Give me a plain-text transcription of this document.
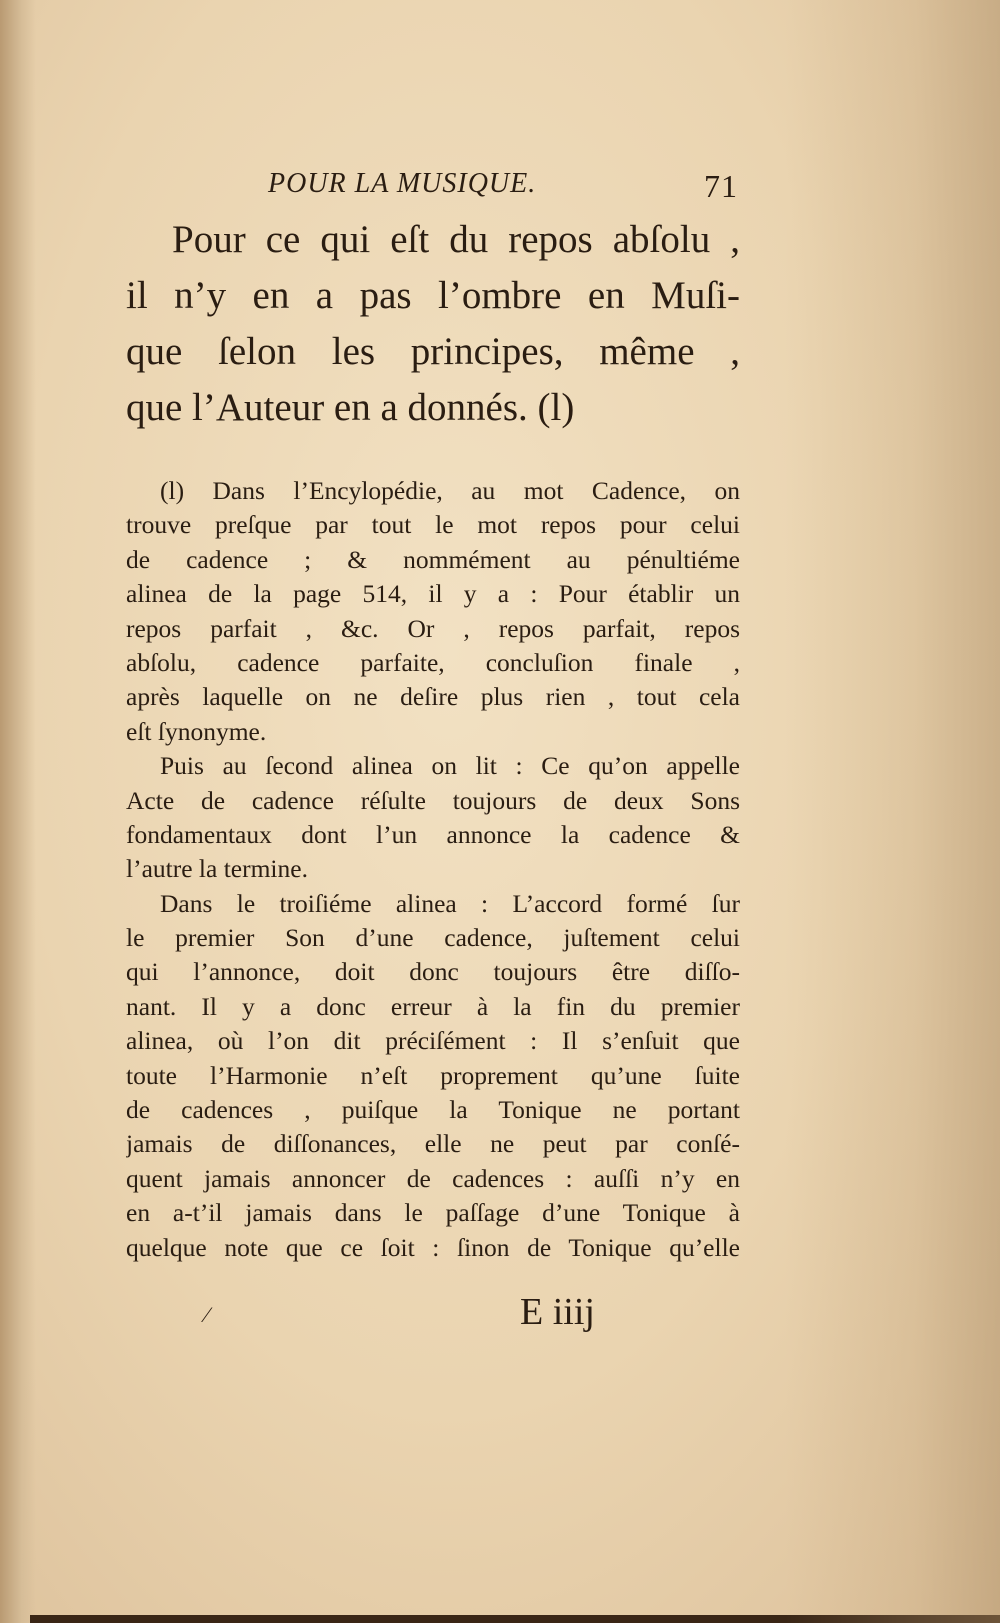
POUR LA MUSIQUE.	71
Pour ce qui eſt du repos abſolu ,
il n’y en a pas l’ombre en Muſi-
que ſelon les principes, même ,
que l’Auteur en a donnés. (l)
(l) Dans l’Encylopédie, au mot Cadence, on
trouve preſque par tout le mot repos pour celui
de cadence ; & nommément au pénultiéme
alinea de la page 514, il y a : Pour établir un
repos parfait , &c. Or , repos parfait, repos
abſolu, cadence parfaite, concluſion finale ,
après laquelle on ne deſire plus rien , tout cela
eſt ſynonyme.
Puis au ſecond alinea on lit : Ce qu’on appelle
Acte de cadence réſulte toujours de deux Sons
fondamentaux dont l’un annonce la cadence &
l’autre la termine.
Dans le troiſiéme alinea : L’accord formé ſur
le premier Son d’une cadence, juſtement celui
qui l’annonce, doit donc toujours être diſſo-
nant. Il y a donc erreur à la fin du premier
alinea, où l’on dit préciſément : Il s’enſuit que
toute l’Harmonie n’eſt proprement qu’une ſuite
de cadences , puiſque la Tonique ne portant
jamais de diſſonances, elle ne peut par conſé-
quent jamais annoncer de cadences : auſſi n’y en
en a-t’il jamais dans le paſſage d’une Tonique à
quelque note que ce ſoit : ſinon de Tonique qu’elle
⁄	E iiij
